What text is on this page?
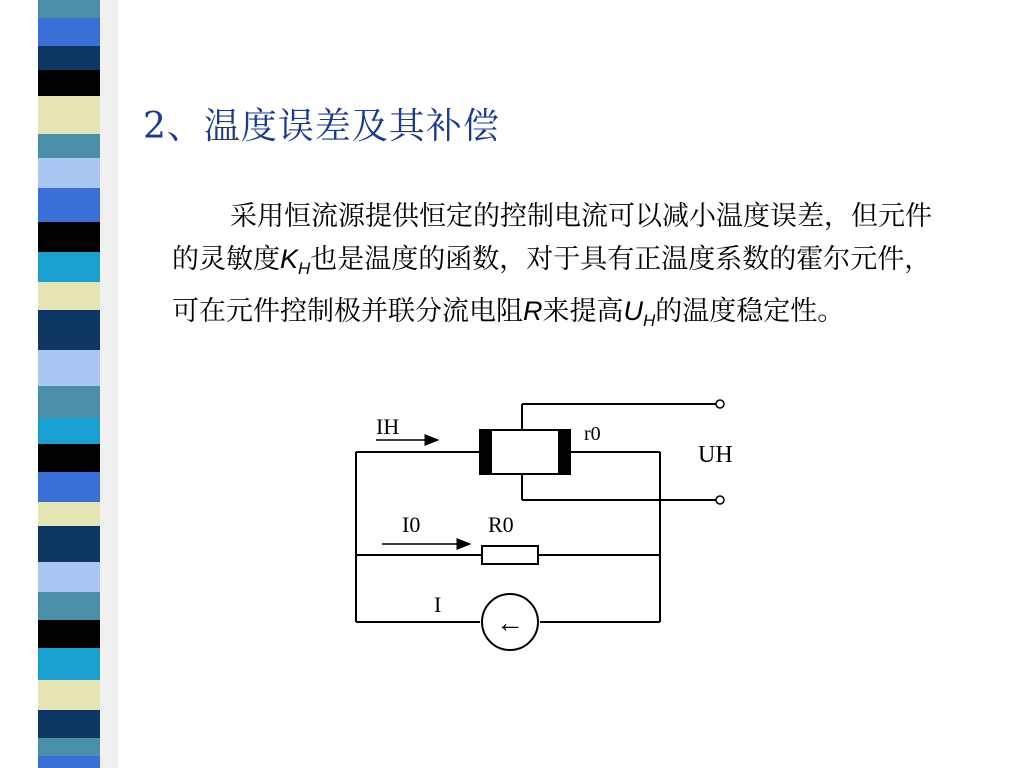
2、温度误差及其补偿
采用恒流源提供恒定的控制电流可以减小温度误差，但元件的灵敏度$K_H$也是温度的函数，对于具有正温度系数的霍尔元件，可在元件控制极并联分流电阻R来提高$U_H$的温度稳定性。
←
IH	r0
UH
I0	R0
I
